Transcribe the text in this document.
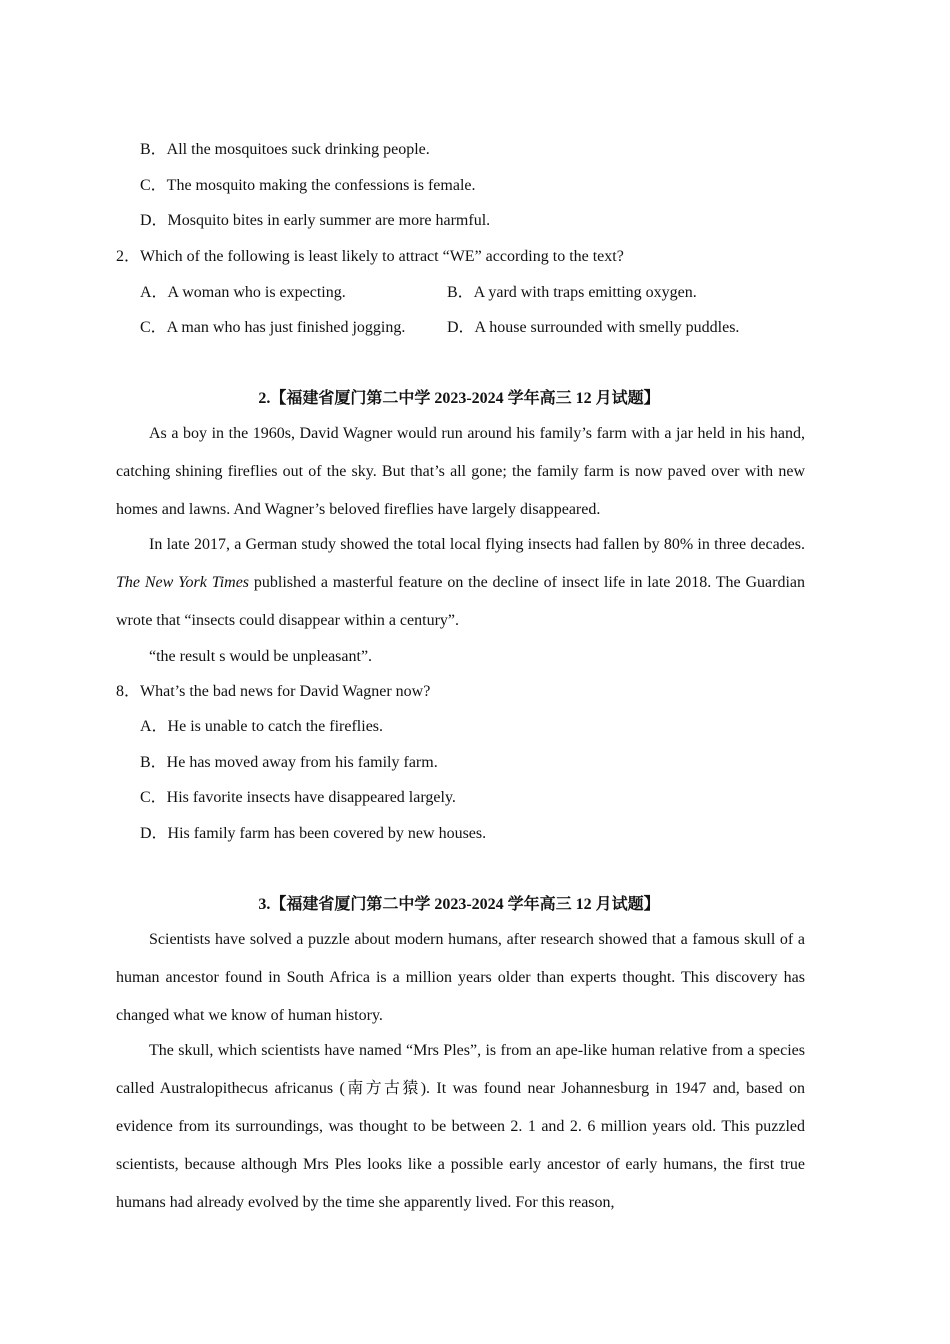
B．All the mosquitoes suck drinking people.
C．The mosquito making the confessions is female.
D．Mosquito bites in early summer are more harmful.
2．Which of the following is least likely to attract “WE” according to the text?
A．A woman who is expecting.	B．A yard with traps emitting oxygen.
C．A man who has just finished jogging.	D．A house surrounded with smelly puddles.
2.【福建省厦门第二中学 2023-2024 学年高三 12 月试题】
As a boy in the 1960s, David Wagner would run around his family’s farm with a jar held in his hand, catching shining fireflies out of the sky. But that’s all gone; the family farm is now paved over with new homes and lawns. And Wagner’s beloved fireflies have largely disappeared.
In late 2017, a German study showed the total local flying insects had fallen by 80% in three decades. The New York Times published a masterful feature on the decline of insect life in late 2018. The Guardian wrote that “insects could disappear within a century”.
“the result s would be unpleasant”.
8．What’s the bad news for David Wagner now?
A．He is unable to catch the fireflies.
B．He has moved away from his family farm.
C．His favorite insects have disappeared largely.
D．His family farm has been covered by new houses.
3.【福建省厦门第二中学 2023-2024 学年高三 12 月试题】
Scientists have solved a puzzle about modern humans, after research showed that a famous skull of a human ancestor found in South Africa is a million years older than experts thought. This discovery has changed what we know of human history.
The skull, which scientists have named “Mrs Ples”, is from an ape-like human relative from a species called Australopithecus africanus (南方古猿). It was found near Johannesburg in 1947 and, based on evidence from its surroundings, was thought to be between 2. 1 and 2. 6 million years old. This puzzled scientists, because although Mrs Ples looks like a possible early ancestor of early humans, the first true humans had already evolved by the time she apparently lived. For this reason,
